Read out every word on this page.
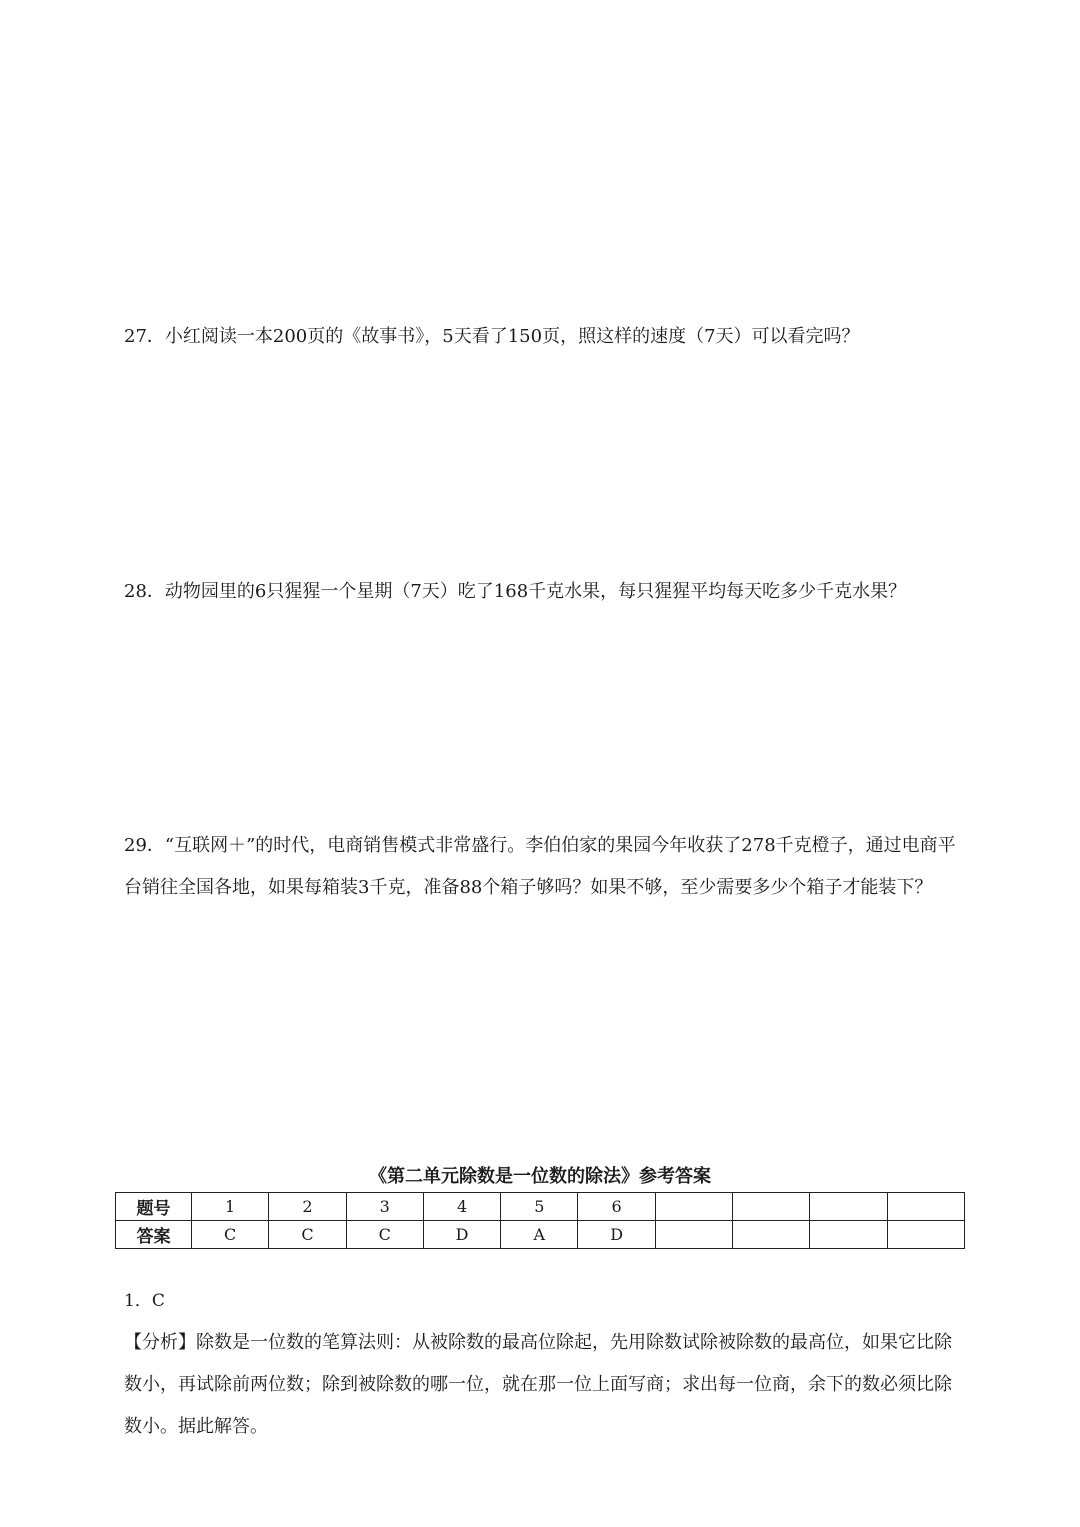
27．小红阅读一本200页的《故事书》，5天看了150页，照这样的速度（7天）可以看完吗？

28．动物园里的6只猩猩一个星期（7天）吃了168千克水果，每只猩猩平均每天吃多少千克水果？

29．“互联网＋”的时代，电商销售模式非常盛行。李伯伯家的果园今年收获了278千克橙子，通过电商平台销往全国各地，如果每箱装3千克，准备88个箱子够吗？如果不够，至少需要多少个箱子才能装下？

《第二单元除数是一位数的除法》参考答案
题号	1	2	3	4	5	6				
答案	C	C	C	D	A	D				

1．C

【分析】除数是一位数的笔算法则：从被除数的最高位除起，先用除数试除被除数的最高位，如果它比除数小，再试除前两位数；除到被除数的哪一位，就在那一位上面写商；求出每一位商，余下的数必须比除数小。据此解答。
